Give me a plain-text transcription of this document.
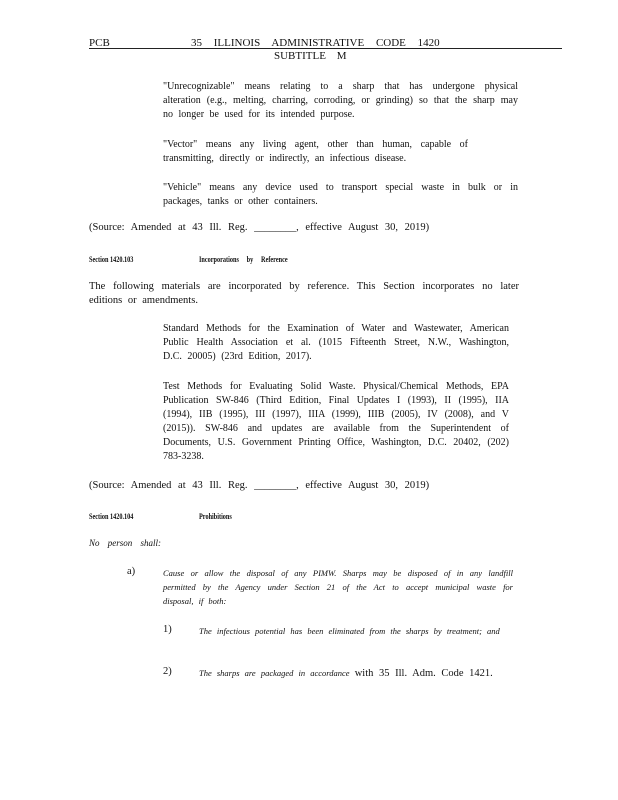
PCB	35 ILLINOIS ADMINISTRATIVE CODE 1420
SUBTITLE M
"Unrecognizable" means relating to a sharp that has undergone physical alteration (e.g., melting, charring, corroding, or grinding) so that the sharp may no longer be used for its intended purpose.
"Vector" means any living agent, other than human, capable of transmitting, directly or indirectly, an infectious disease.
"Vehicle" means any device used to transport special waste in bulk or in packages, tanks or other containers.
(Source: Amended at 43 Ill. Reg. ________, effective August 30, 2019)
Section 1420.103	Incorporations by Reference
The following materials are incorporated by reference. This Section incorporates no later editions or amendments.
Standard Methods for the Examination of Water and Wastewater, American Public Health Association et al. (1015 Fifteenth Street, N.W., Washington, D.C. 20005) (23rd Edition, 2017).
Test Methods for Evaluating Solid Waste. Physical/Chemical Methods, EPA Publication SW-846 (Third Edition, Final Updates I (1993), II (1995), IIA (1994), IIB (1995), III (1997), IIIA (1999), IIIB (2005), IV (2008), and V (2015)). SW-846 and updates are available from the Superintendent of Documents, U.S. Government Printing Office, Washington, D.C. 20402, (202) 783-3238.
(Source: Amended at 43 Ill. Reg. ________, effective August 30, 2019)
Section 1420.104	Prohibitions
No person shall:
a)	Cause or allow the disposal of any PIMW. Sharps may be disposed of in any landfill permitted by the Agency under Section 21 of the Act to accept municipal waste for disposal, if both:
1)	The infectious potential has been eliminated from the sharps by treatment; and
2)	The sharps are packaged in accordance with 35 Ill. Adm. Code 1421.
